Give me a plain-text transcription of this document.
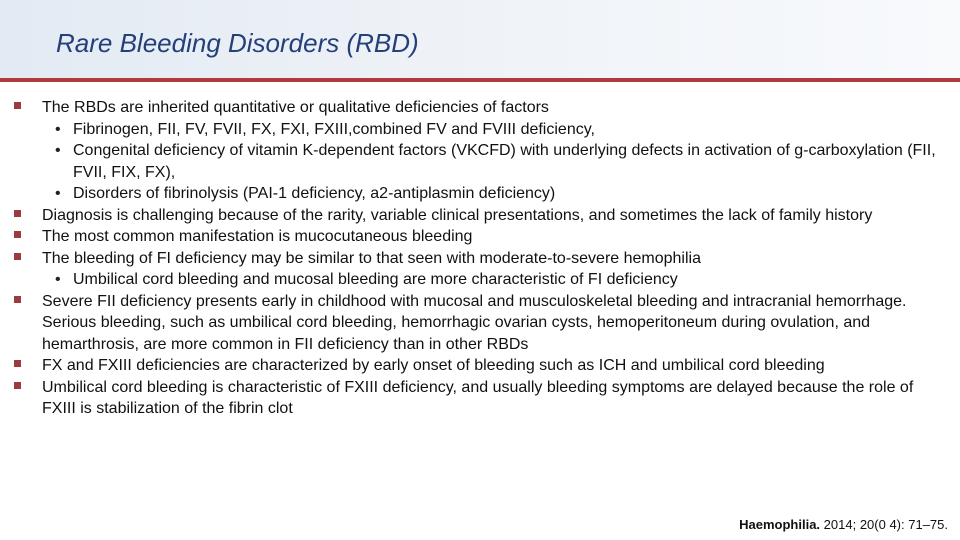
Rare Bleeding Disorders (RBD)
The RBDs are inherited quantitative or qualitative deficiencies of factors
• Fibrinogen, FII, FV, FVII, FX, FXI, FXIII,combined FV and FVIII deficiency,
• Congenital deficiency of vitamin K-dependent factors (VKCFD) with underlying defects in activation of g-carboxylation (FII, FVII, FIX, FX),
• Disorders of fibrinolysis (PAI-1 deficiency, a2-antiplasmin deficiency)
Diagnosis is challenging because of the rarity, variable clinical presentations, and sometimes the lack of family history
The most common manifestation is mucocutaneous bleeding
The bleeding of FI deficiency may be similar to that seen with moderate-to-severe hemophilia
• Umbilical cord bleeding and mucosal bleeding are more characteristic of FI deficiency
Severe FII deficiency presents early in childhood with mucosal and musculoskeletal bleeding and intracranial hemorrhage. Serious bleeding, such as umbilical cord bleeding, hemorrhagic ovarian cysts, hemoperitoneum during ovulation, and hemarthrosis, are more common in FII deficiency than in other RBDs
FX and FXIII deficiencies are characterized by early onset of bleeding such as ICH and umbilical cord bleeding
Umbilical cord bleeding is characteristic of FXIII deficiency, and usually bleeding symptoms are delayed because the role of FXIII is stabilization of the fibrin clot
Haemophilia. 2014; 20(0 4): 71–75.
